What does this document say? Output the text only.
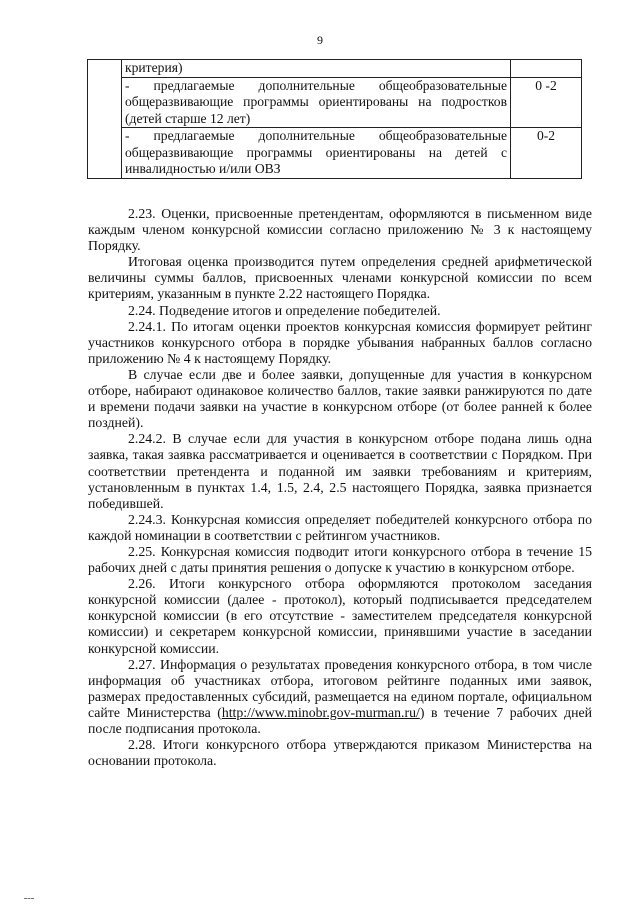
9
	критерия)	
	- предлагаемые дополнительные общеобразовательные общеразвивающие программы ориентированы на подростков (детей старше 12 лет)	0 -2
	- предлагаемые дополнительные общеобразовательные общеразвивающие программы ориентированы на детей с инвалидностью и/или ОВЗ	0-2

2.23. Оценки, присвоенные претендентам, оформляются в письменном виде каждым членом конкурсной комиссии согласно приложению № 3 к настоящему Порядку.

Итоговая оценка производится путем определения средней арифметической величины суммы баллов, присвоенных членами конкурсной комиссии по всем критериям, указанным в пункте 2.22 настоящего Порядка.

2.24. Подведение итогов и определение победителей.

2.24.1. По итогам оценки проектов конкурсная комиссия формирует рейтинг участников конкурсного отбора в порядке убывания набранных баллов согласно приложению № 4 к настоящему Порядку.

В случае если две и более заявки, допущенные для участия в конкурсном отборе, набирают одинаковое количество баллов, такие заявки ранжируются по дате и времени подачи заявки на участие в конкурсном отборе (от более ранней к более поздней).

2.24.2. В случае если для участия в конкурсном отборе подана лишь одна заявка, такая заявка рассматривается и оценивается в соответствии с Порядком. При соответствии претендента и поданной им заявки требованиям и критериям, установленным в пунктах 1.4, 1.5, 2.4, 2.5 настоящего Порядка, заявка признается победившей.

2.24.3. Конкурсная комиссия определяет победителей конкурсного отбора по каждой номинации в соответствии с рейтингом участников.

2.25. Конкурсная комиссия подводит итоги конкурсного отбора в течение 15 рабочих дней с даты принятия решения о допуске к участию в конкурсном отборе.

2.26. Итоги конкурсного отбора оформляются протоколом заседания конкурсной комиссии (далее - протокол), который подписывается председателем конкурсной комиссии (в его отсутствие - заместителем председателя конкурсной комиссии) и секретарем конкурсной комиссии, принявшими участие в заседании конкурсной комиссии.

2.27. Информация о результатах проведения конкурсного отбора, в том числе информация об участниках отбора, итоговом рейтинге поданных ими заявок, размерах предоставленных субсидий, размещается на едином портале, официальном сайте Министерства (http://www.minobr.gov-murman.ru/) в течение 7 рабочих дней после подписания протокола.

2.28. Итоги конкурсного отбора утверждаются приказом Министерства на основании протокола.
